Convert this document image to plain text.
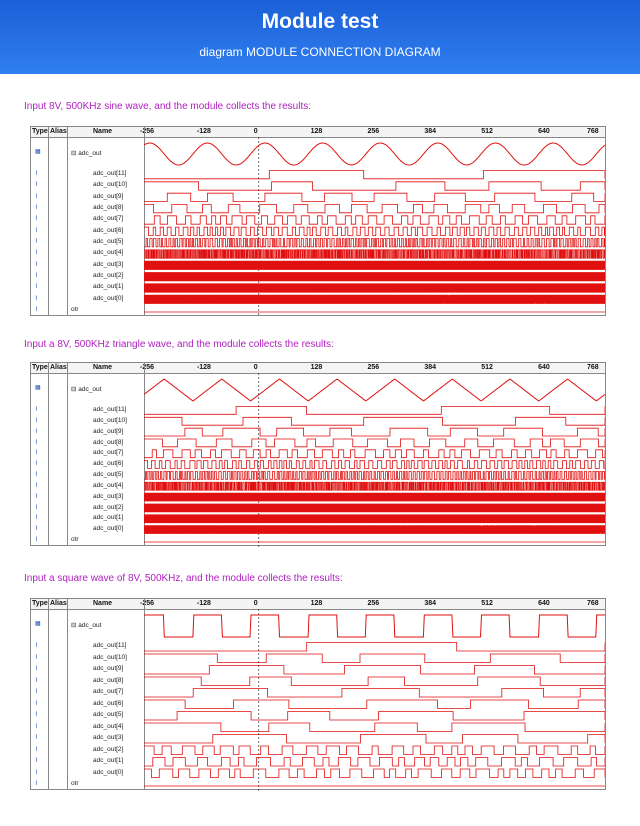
Module test
diagram MODULE CONNECTION DIAGRAM
Input 8V, 500KHz sine wave, and the module collects the results:
Type Alias	Name	-256	-128	0	128	256	384	512	640	768
▦	⊟ adc_out
⌇	adc_out[11]
⌇	adc_out[10]
⌇	adc_out[9]
⌇	adc_out[8]
⌇	adc_out[7]
⌇	adc_out[6]
⌇	adc_out[5]
⌇	adc_out[4]
⌇	adc_out[3]
⌇	adc_out[2]
⌇	adc_out[1]
⌇	adc_out[0]
⌇	otr
Input a 8V, 500KHz triangle wave, and the module collects the results:
Type Alias	Name	-256	-128	0	128	256	384	512	640	768
▦	⊟ adc_out
⌇	adc_out[11]
⌇	adc_out[10]
⌇	adc_out[9]
⌇	adc_out[8]
⌇	adc_out[7]
⌇	adc_out[6]
⌇	adc_out[5]
⌇	adc_out[4]
⌇	adc_out[3]
⌇	adc_out[2]
⌇	adc_out[1]
⌇	adc_out[0]
⌇	otr
Input a square wave of 8V, 500KHz, and the module collects the results:
Type Alias	Name	-256	-128	0	128	256	384	512	640	768
▦	⊟ adc_out
⌇	adc_out[11]
⌇	adc_out[10]
⌇	adc_out[9]
⌇	adc_out[8]
⌇	adc_out[7]
⌇	adc_out[6]
⌇	adc_out[5]
⌇	adc_out[4]
⌇	adc_out[3]
⌇	adc_out[2]
⌇	adc_out[1]
⌇	adc_out[0]
⌇	otr
